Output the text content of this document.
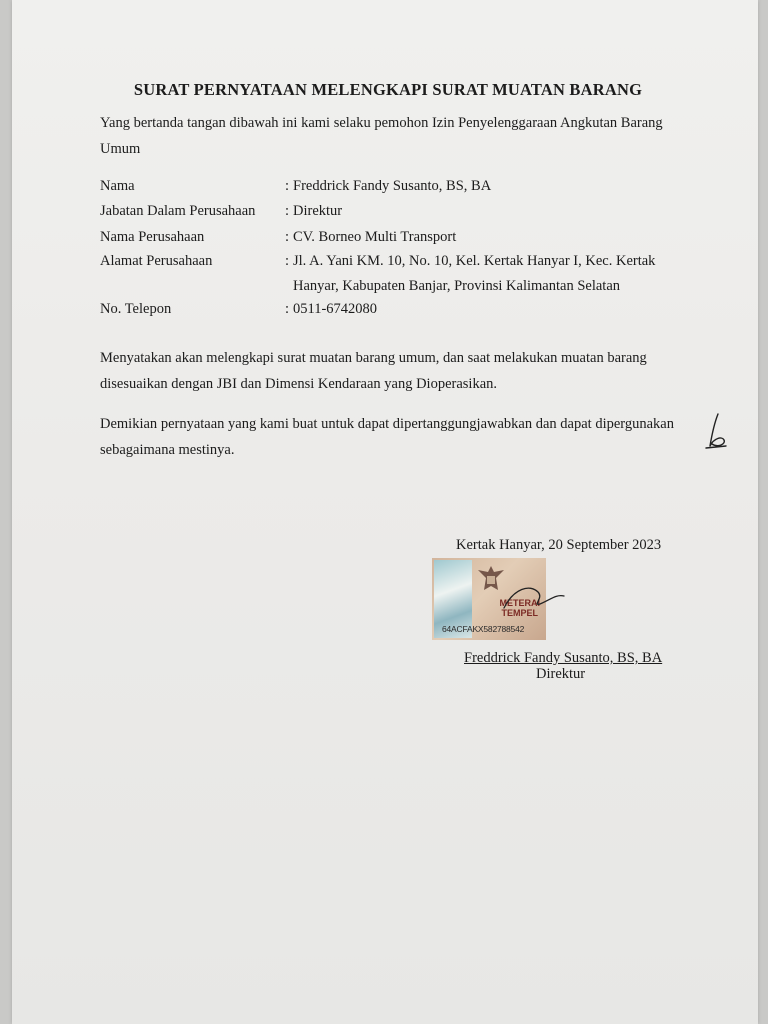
SURAT PERNYATAAN MELENGKAPI SURAT MUATAN BARANG
Yang bertanda tangan dibawah ini kami selaku pemohon Izin Penyelenggaraan Angkutan Barang Umum
Nama	: Freddrick Fandy Susanto, BS, BA
Jabatan Dalam Perusahaan	: Direktur
Nama Perusahaan	: CV. Borneo Multi Transport
Alamat Perusahaan	: Jl. A. Yani KM. 10, No. 10, Kel. Kertak Hanyar I, Kec. Kertak
Hanyar, Kabupaten Banjar, Provinsi Kalimantan Selatan
No. Telepon	: 0511-6742080
Menyatakan akan melengkapi surat muatan barang umum, dan saat melakukan muatan barang disesuaikan dengan JBI dan Dimensi Kendaraan yang Dioperasikan.
Demikian pernyataan yang kami buat untuk dapat dipertanggungjawabkan dan dapat dipergunakan sebagaimana mestinya.
Kertak Hanyar, 20 September 2023
METERAI
TEMPEL
64ACFAKX582788542
Freddrick Fandy Susanto, BS, BA
Direktur
